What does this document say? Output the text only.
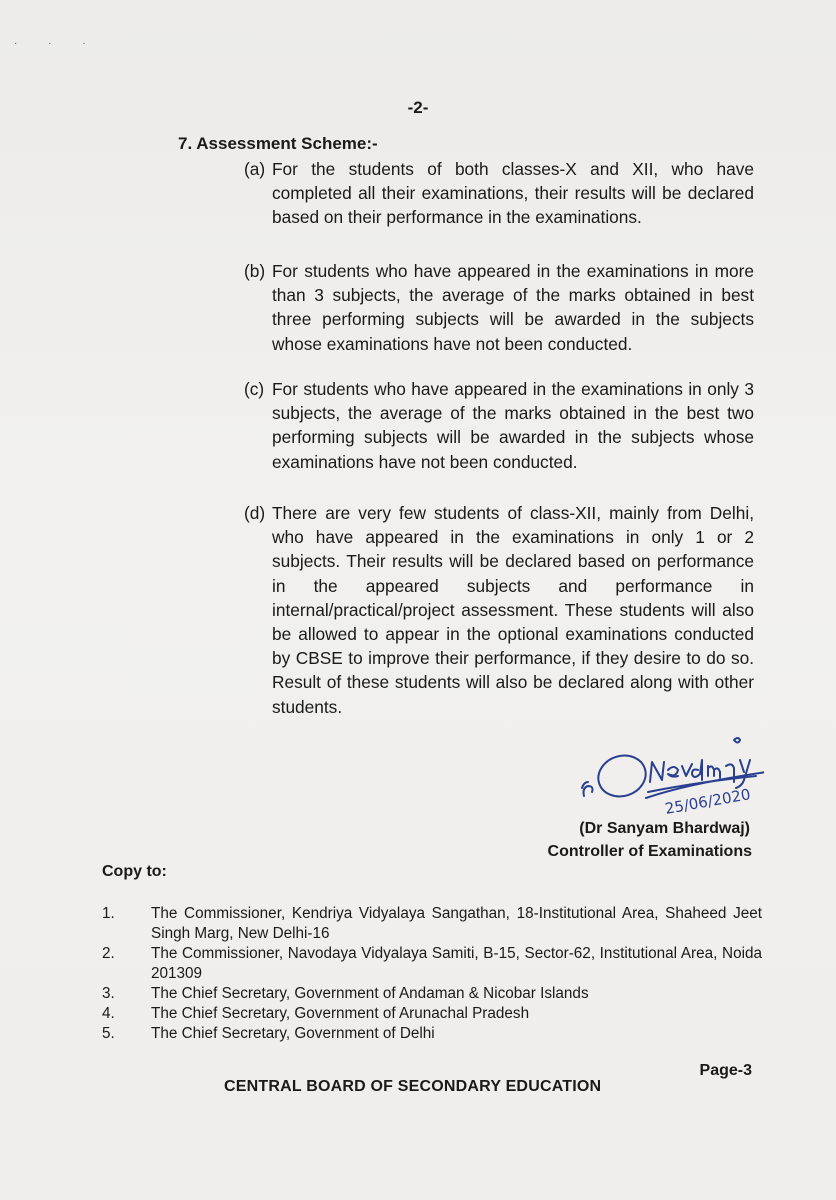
· · ·
-2-
7. Assessment Scheme:-
(a) For the students of both classes-X and XII, who have completed all their examinations, their results will be declared based on their performance in the examinations.
(b) For students who have appeared in the examinations in more than 3 subjects, the average of the marks obtained in best three performing subjects will be awarded in the subjects whose examinations have not been conducted.
(c) For students who have appeared in the examinations in only 3 subjects, the average of the marks obtained in the best two performing subjects will be awarded in the subjects whose examinations have not been conducted.
(d) There are very few students of class-XII, mainly from Delhi, who have appeared in the examinations in only 1 or 2 subjects. Their results will be declared based on performance in the appeared subjects and performance in internal/practical/project assessment. These students will also be allowed to appear in the optional examinations conducted by CBSE to improve their performance, if they desire to do so. Result of these students will also be declared along with other students.
25/06/2020
(Dr Sanyam Bhardwaj)
Controller of Examinations
Copy to:
1.	The Commissioner, Kendriya Vidyalaya Sangathan, 18-Institutional Area, Shaheed Jeet Singh Marg, New Delhi-16
2.	The Commissioner, Navodaya Vidyalaya Samiti, B-15, Sector-62, Institutional Area, Noida 201309
3.	The Chief Secretary, Government of Andaman & Nicobar Islands
4.	The Chief Secretary, Government of Arunachal Pradesh
5.	The Chief Secretary, Government of Delhi
Page-3
CENTRAL BOARD OF SECONDARY EDUCATION
